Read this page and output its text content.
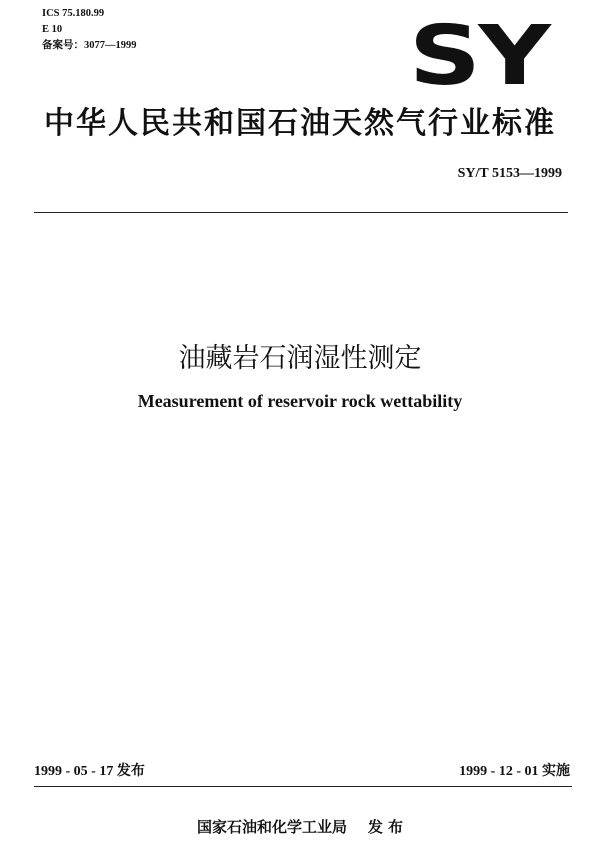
ICS 75.180.99
E 10
备案号：3077—1999	SY
中华人民共和国石油天然气行业标准
SY/T 5153—1999
油藏岩石润湿性测定
Measurement of reservoir rock wettability
1999 - 05 - 17 发布	1999 - 12 - 01 实施
国家石油和化学工业局    发 布
